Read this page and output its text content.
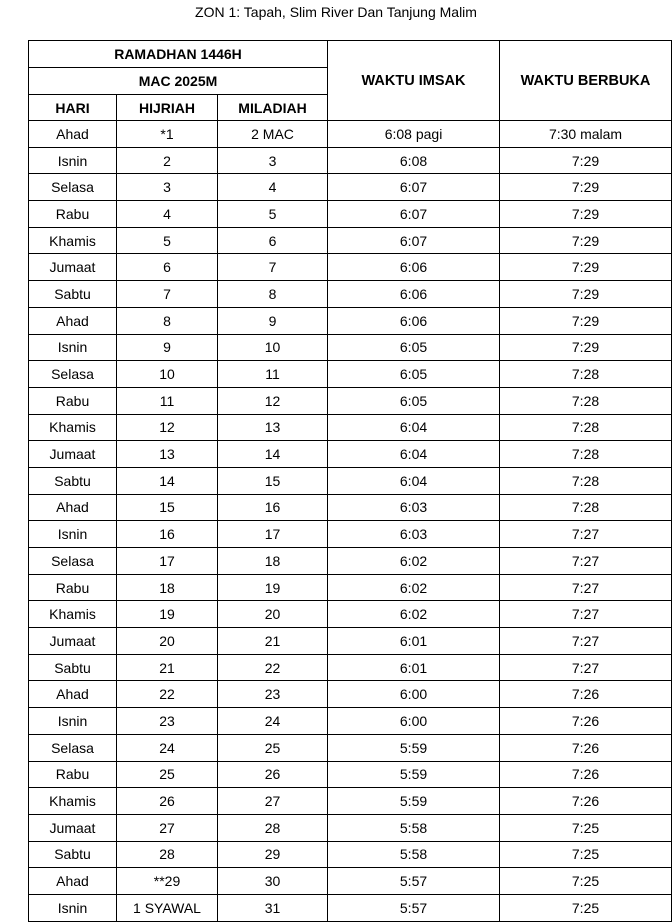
ZON 1: Tapah, Slim River Dan Tanjung Malim
RAMADHAN 1446H			WAKTU IMSAK	WAKTU BERBUKA
MAC 2025M				
HARI	HIJRIAH	MILADIAH		
Ahad	*1	2 MAC	6:08 pagi	7:30 malam
Isnin	2	3	6:08	7:29
Selasa	3	4	6:07	7:29
Rabu	4	5	6:07	7:29
Khamis	5	6	6:07	7:29
Jumaat	6	7	6:06	7:29
Sabtu	7	8	6:06	7:29
Ahad	8	9	6:06	7:29
Isnin	9	10	6:05	7:29
Selasa	10	11	6:05	7:28
Rabu	11	12	6:05	7:28
Khamis	12	13	6:04	7:28
Jumaat	13	14	6:04	7:28
Sabtu	14	15	6:04	7:28
Ahad	15	16	6:03	7:28
Isnin	16	17	6:03	7:27
Selasa	17	18	6:02	7:27
Rabu	18	19	6:02	7:27
Khamis	19	20	6:02	7:27
Jumaat	20	21	6:01	7:27
Sabtu	21	22	6:01	7:27
Ahad	22	23	6:00	7:26
Isnin	23	24	6:00	7:26
Selasa	24	25	5:59	7:26
Rabu	25	26	5:59	7:26
Khamis	26	27	5:59	7:26
Jumaat	27	28	5:58	7:25
Sabtu	28	29	5:58	7:25
Ahad	**29	30	5:57	7:25
Isnin	1 SYAWAL	31	5:57	7:25
